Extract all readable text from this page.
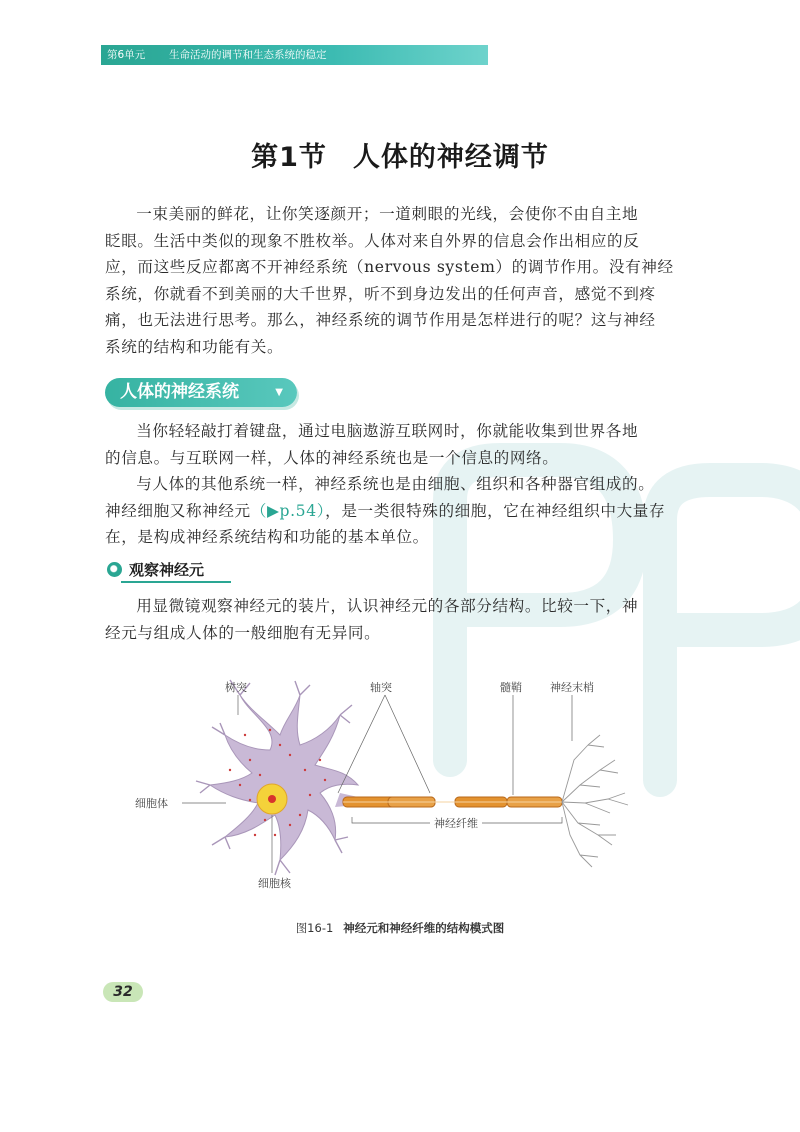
第6单元 生命活动的调节和生态系统的稳定
第1节 人体的神经调节
一束美丽的鲜花，让你笑逐颜开；一道刺眼的光线，会使你不由自主地
眨眼。生活中类似的现象不胜枚举。人体对来自外界的信息会作出相应的反
应，而这些反应都离不开神经系统（nervous system）的调节作用。没有神经
系统，你就看不到美丽的大千世界，听不到身边发出的任何声音，感觉不到疼
痛，也无法进行思考。那么，神经系统的调节作用是怎样进行的呢？这与神经
系统的结构和功能有关。
人体的神经系统	▼
当你轻轻敲打着键盘，通过电脑遨游互联网时，你就能收集到世界各地
的信息。与互联网一样，人体的神经系统也是一个信息的网络。
与人体的其他系统一样，神经系统也是由细胞、组织和各种器官组成的。
神经细胞又称神经元（▶p.54），是一类很特殊的细胞，它在神经组织中大量存
在，是构成神经系统结构和功能的基本单位。
观察神经元
用显微镜观察神经元的装片，认识神经元的各部分结构。比较一下，神
经元与组成人体的一般细胞有无异同。
树突	轴突	髓鞘	神经末梢
细胞体
神经纤维
细胞核
图16-1 神经元和神经纤维的结构模式图
32
